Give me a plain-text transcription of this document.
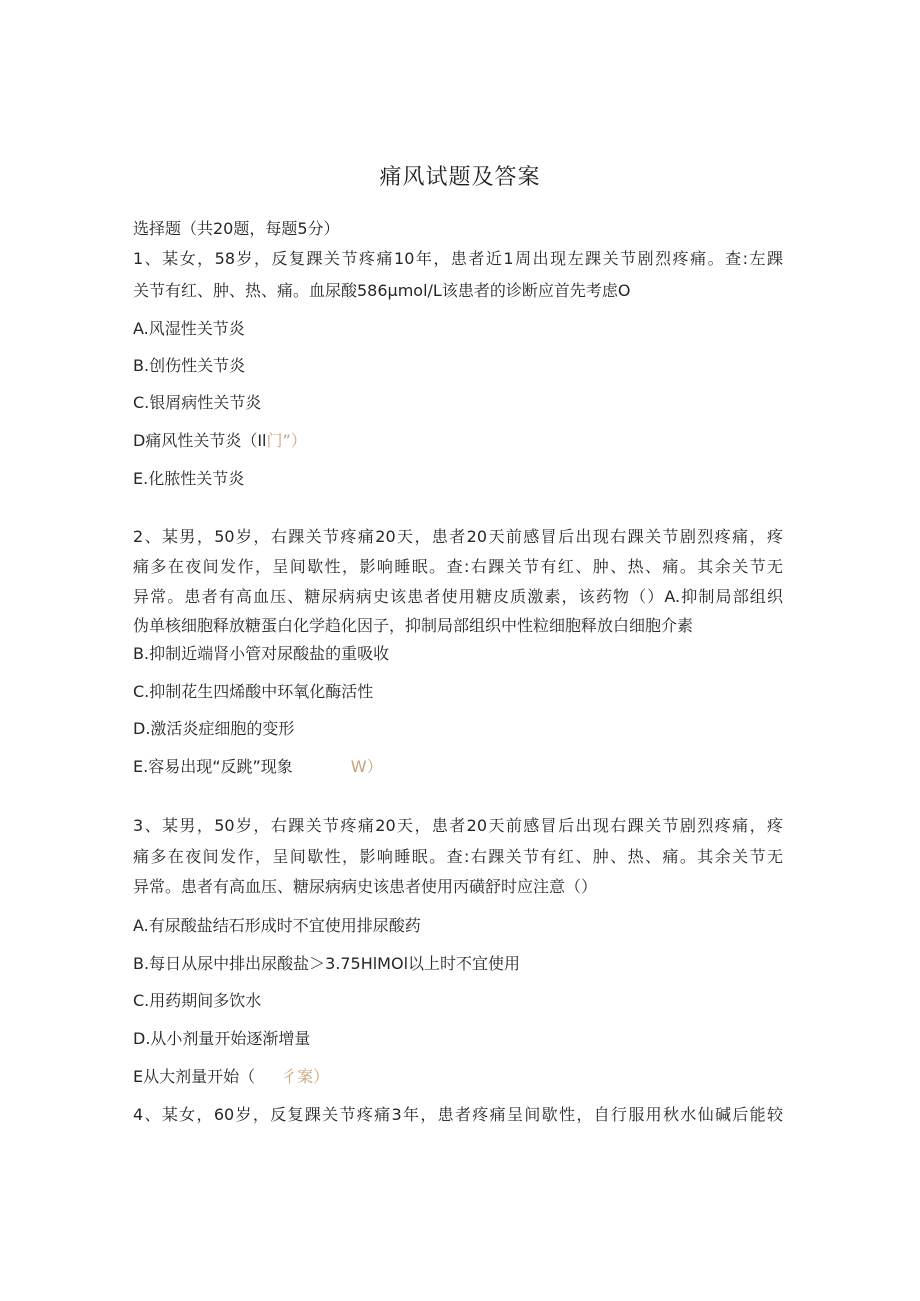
痛风试题及答案
选择题（共20题，每题5分）
1、某女，58岁，反复踝关节疼痛10年，患者近1周出现左踝关节剧烈疼痛。查:左踝
关节有红、肿、热、痛。血尿酸586μmol∕L该患者的诊断应首先考虑O
A.风湿性关节炎
B.创伤性关节炎
C.银屑病性关节炎
D痛风性关节炎（Il门”）
E.化脓性关节炎
2、某男，50岁，右踝关节疼痛20天，患者20天前感冒后出现右踝关节剧烈疼痛，疼
痛多在夜间发作，呈间歇性，影响睡眠。查:右踝关节有红、肿、热、痛。其余关节无
异常。患者有高血压、糖尿病病史该患者使用糖皮质激素，该药物（）A.抑制局部组织
伪单核细胞释放糖蛋白化学趋化因子，抑制局部组织中性粒细胞释放白细胞介素
B.抑制近端肾小管对尿酸盐的重吸收
C.抑制花生四烯酸中环氧化酶活性
D.激活炎症细胞的变形
E.容易出现“反跳”现象	W）
3、某男，50岁，右踝关节疼痛20天，患者20天前感冒后出现右踝关节剧烈疼痛，疼
痛多在夜间发作，呈间歇性，影响睡眠。查:右踝关节有红、肿、热、痛。其余关节无
异常。患者有高血压、糖尿病病史该患者使用丙磺舒时应注意（）
A.有尿酸盐结石形成时不宜使用排尿酸药
B.每日从尿中排出尿酸盐＞3.75HlMOl以上时不宜使用
C.用药期间多饮水
D.从小剂量开始逐渐增量
E从大剂量开始（ 彳案）
4、某女，60岁，反复踝关节疼痛3年，患者疼痛呈间歇性，自行服用秋水仙碱后能较
